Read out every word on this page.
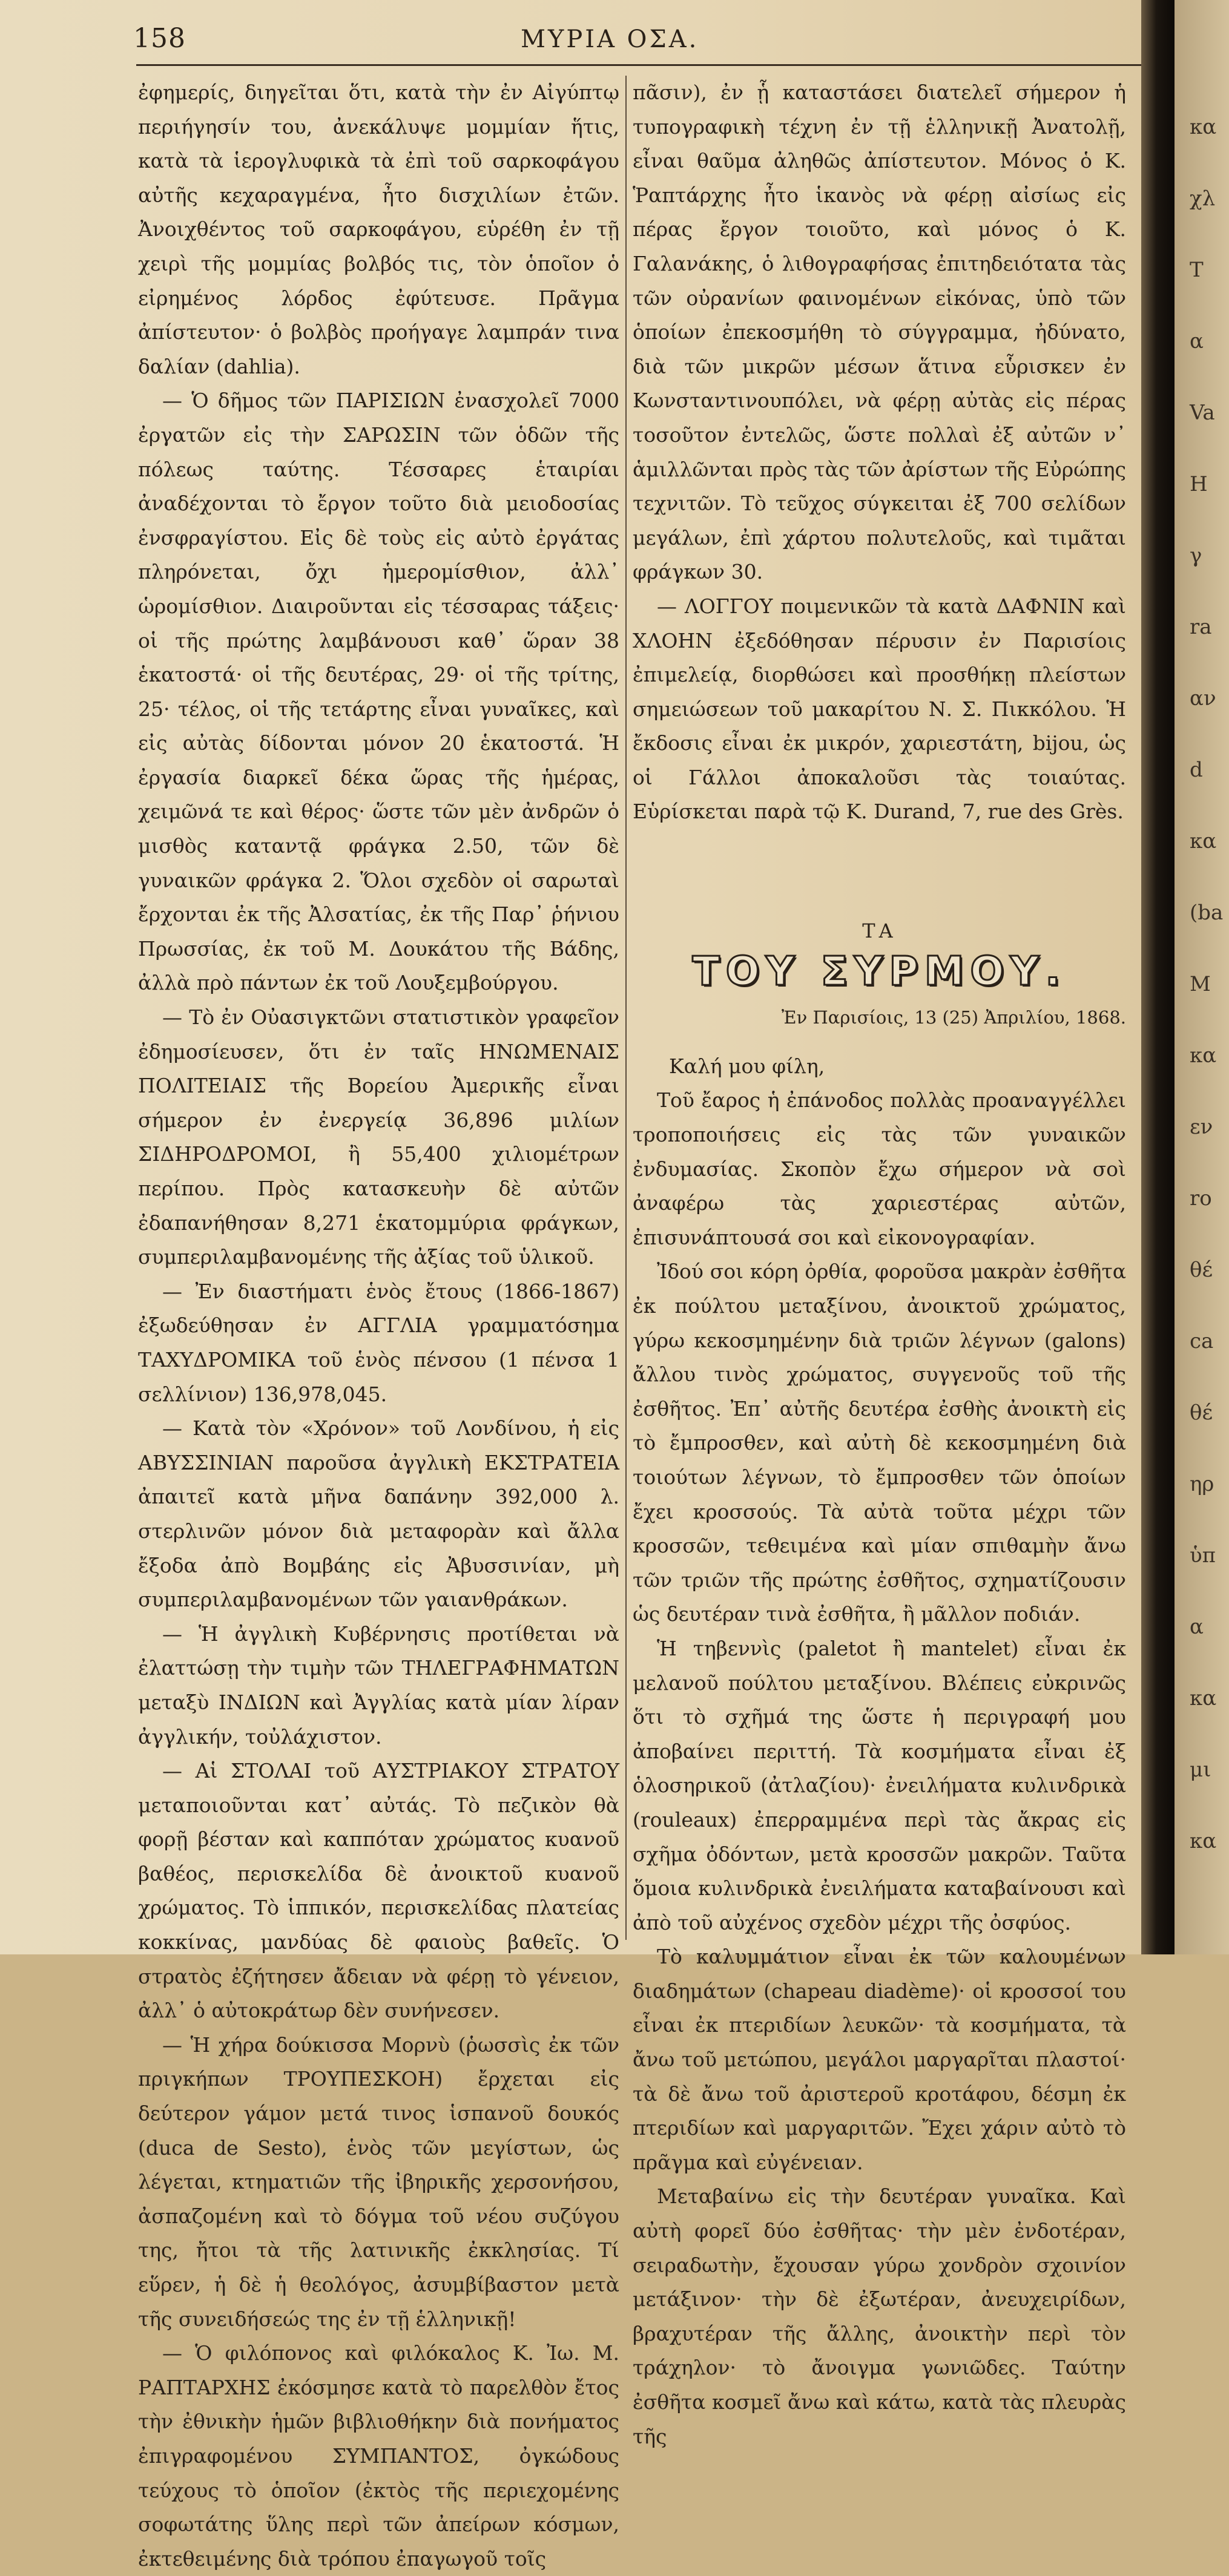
κα
χλ
Τ
α
Va
H
γ
ra
αν
d
κα
(ba
M
κα
εν
ro
θέ
ca
θέ
ηρ
ὑπ
α
κα
μι
κα
158	ΜΥΡΙΑ ΟΣΑ.

ἐφημερίς, διηγεῖται ὅτι, κατὰ τὴν ἐν Αἰγύπτῳ περιήγησίν του, ἀνεκάλυψε μομμίαν ἥτις, κατὰ τὰ ἱερογλυφικὰ τὰ ἐπὶ τοῦ σαρκοφάγου αὐτῆς κεχαραγμένα, ἦτο δισχιλίων ἐτῶν. Ἀνοιχθέντος τοῦ σαρκοφάγου, εὑρέθη ἐν τῇ χειρὶ τῆς μομμίας βολβός τις, τὸν ὁποῖον ὁ εἰρημένος λόρδος ἐφύτευσε. Πρᾶγμα ἀπίστευτον· ὁ βολβὸς προήγαγε λαμπράν τινα δαλίαν (dahlia).

— Ὁ δῆμος τῶν ΠΑΡΙΣΙΩΝ ἐνασχολεῖ 7000 ἐργατῶν εἰς τὴν ΣΑΡΩΣΙΝ τῶν ὁδῶν τῆς πόλεως ταύτης. Τέσσαρες ἑταιρίαι ἀναδέχονται τὸ ἔργον τοῦτο διὰ μειοδοσίας ἐνσφραγίστου. Εἰς δὲ τοὺς εἰς αὐτὸ ἐργάτας πληρόνεται, ὄχι ἡμερομίσθιον, ἀλλ᾽ ὡρομίσθιον. Διαιροῦνται εἰς τέσσαρας τάξεις· οἱ τῆς πρώτης λαμβάνουσι καθ᾽ ὥραν 38 ἑκατοστά· οἱ τῆς δευτέρας, 29· οἱ τῆς τρίτης, 25· τέλος, οἱ τῆς τετάρτης εἶναι γυναῖκες, καὶ εἰς αὐτὰς δίδονται μόνον 20 ἑκατοστά. Ἡ ἐργασία διαρκεῖ δέκα ὥρας τῆς ἡμέρας, χειμῶνά τε καὶ θέρος· ὥστε τῶν μὲν ἀνδρῶν ὁ μισθὸς καταντᾷ φράγκα 2.50, τῶν δὲ γυναικῶν φράγκα 2. Ὅλοι σχεδὸν οἱ σαρωταὶ ἔρχονται ἐκ τῆς Ἀλσατίας, ἐκ τῆς Παρ᾽ ῥήνιου Πρωσσίας, ἐκ τοῦ Μ. Δουκάτου τῆς Βάδης, ἀλλὰ πρὸ πάντων ἐκ τοῦ Λουξεμβούργου.

— Τὸ ἐν Οὐασιγκτῶνι στατιστικὸν γραφεῖον ἐδημοσίευσεν, ὅτι ἐν ταῖς ΗΝΩΜΕΝΑΙΣ ΠΟΛΙΤΕΙΑΙΣ τῆς Βορείου Ἀμερικῆς εἶναι σήμερον ἐν ἐνεργείᾳ 36,896 μιλίων ΣΙΔΗΡΟΔΡΟΜΟΙ, ἢ 55,400 χιλιομέτρων περίπου. Πρὸς κατασκευὴν δὲ αὐτῶν ἐδαπανήθησαν 8,271 ἑκατομμύρια φράγκων, συμπεριλαμβανομένης τῆς ἀξίας τοῦ ὑλικοῦ.

— Ἐν διαστήματι ἑνὸς ἔτους (1866-1867) ἐξωδεύθησαν ἐν ΑΓΓΛΙΑ γραμματόσημα ΤΑΧΥΔΡΟΜΙΚΑ τοῦ ἑνὸς πένσου (1 πένσα 1 σελλίνιον) 136,978,045.

— Κατὰ τὸν «Χρόνον» τοῦ Λονδίνου, ἡ εἰς ΑΒΥΣΣΙΝΙΑΝ παροῦσα ἀγγλικὴ ΕΚΣΤΡΑΤΕΙΑ ἀπαιτεῖ κατὰ μῆνα δαπάνην 392,000 λ. στερλινῶν μόνον διὰ μεταφορὰν καὶ ἄλλα ἔξοδα ἀπὸ Βομβάης εἰς Ἀβυσσινίαν, μὴ συμπεριλαμβανομένων τῶν γαιανθράκων.

— Ἡ ἀγγλικὴ Κυβέρνησις προτίθεται νὰ ἐλαττώσῃ τὴν τιμὴν τῶν ΤΗΛΕΓΡΑΦΗΜΑΤΩΝ μεταξὺ ΙΝΔΙΩΝ καὶ Ἀγγλίας κατὰ μίαν λίραν ἀγγλικήν, τοὐλάχιστον.

— Αἱ ΣΤΟΛΑΙ τοῦ ΑΥΣΤΡΙΑΚΟΥ ΣΤΡΑΤΟΥ μεταποιοῦνται κατ᾽ αὐτάς. Τὸ πεζικὸν θὰ φορῇ βέσταν καὶ καππόταν χρώματος κυανοῦ βαθέος, περισκελίδα δὲ ἀνοικτοῦ κυανοῦ χρώματος. Τὸ ἱππικόν, περισκελίδας πλατείας κοκκίνας, μανδύας δὲ φαιοὺς βαθεῖς. Ὁ στρατὸς ἐζήτησεν ἄδειαν νὰ φέρῃ τὸ γένειον, ἀλλ᾽ ὁ αὐτοκράτωρ δὲν συνήνεσεν.

— Ἡ χήρα δούκισσα Μορνὺ (ῥωσσὶς ἐκ τῶν πριγκήπων ΤΡΟΥΠΕΣΚΟΗ) ἔρχεται εἰς δεύτερον γάμον μετά τινος ἱσπανοῦ δουκός (duca de Sesto), ἑνὸς τῶν μεγίστων, ὡς λέγεται, κτηματιῶν τῆς ἰβηρικῆς χερσονήσου, ἀσπαζομένη καὶ τὸ δόγμα τοῦ νέου συζύγου της, ἤτοι τὰ τῆς λατινικῆς ἐκκλησίας. Τί εὕρεν, ἡ δὲ ἡ θεολόγος, ἀσυμβίβαστον μετὰ τῆς συνειδήσεώς της ἐν τῇ ἑλληνικῇ!

— Ὁ φιλόπονος καὶ φιλόκαλος Κ. Ἰω. Μ. ΡΑΠΤΑΡΧΗΣ ἐκόσμησε κατὰ τὸ παρελθὸν ἔτος τὴν ἐθνικὴν ἡμῶν βιβλιοθήκην διὰ πονήματος ἐπιγραφομένου ΣΥΜΠΑΝΤΟΣ, ὀγκώδους τεύχους τὸ ὁποῖον (ἐκτὸς τῆς περιεχομένης σοφωτάτης ὕλης περὶ τῶν ἀπείρων κόσμων, ἐκτεθειμένης διὰ τρόπου ἐπαγωγοῦ τοῖς

πᾶσιν), ἐν ᾗ καταστάσει διατελεῖ σήμερον ἡ τυπογραφικὴ τέχνη ἐν τῇ ἑλληνικῇ Ἀνατολῇ, εἶναι θαῦμα ἀληθῶς ἀπίστευτον. Μόνος ὁ Κ. Ῥαπτάρχης ἦτο ἱκανὸς νὰ φέρῃ αἰσίως εἰς πέρας ἔργον τοιοῦτο, καὶ μόνος ὁ Κ. Γαλανάκης, ὁ λιθογραφήσας ἐπιτηδειότατα τὰς τῶν οὐρανίων φαινομένων εἰκόνας, ὑπὸ τῶν ὁποίων ἐπεκοσμήθη τὸ σύγγραμμα, ἠδύνατο, διὰ τῶν μικρῶν μέσων ἅτινα εὗρισκεν ἐν Κωνσταντινουπόλει, νὰ φέρῃ αὐτὰς εἰς πέρας τοσοῦτον ἐντελῶς, ὥστε πολλαὶ ἐξ αὐτῶν ν᾽ ἁμιλλῶνται πρὸς τὰς τῶν ἀρίστων τῆς Εὐρώπης τεχνιτῶν. Τὸ τεῦχος σύγκειται ἐξ 700 σελίδων μεγάλων, ἐπὶ χάρτου πολυτελοῦς, καὶ τιμᾶται φράγκων 30.

— ΛΟΓΓΟΥ ποιμενικῶν τὰ κατὰ ΔΑΦΝΙΝ καὶ ΧΛΟΗΝ ἐξεδόθησαν πέρυσιν ἐν Παρισίοις ἐπιμελείᾳ, διορθώσει καὶ προσθήκῃ πλείστων σημειώσεων τοῦ μακαρίτου Ν. Σ. Πικκόλου. Ἡ ἔκδοσις εἶναι ἐκ μικρόν, χαριεστάτη, bijou, ὡς οἱ Γάλλοι ἀποκαλοῦσι τὰς τοιαύτας. Εὑρίσκεται παρὰ τῷ Κ. Durand, 7, rue des Grès.

ΤΑ
ΤΟΥ ΣΥΡΜΟΥ.
Ἐν Παρισίοις, 13 (25) Ἀπριλίου, 1868.

Καλή μου φίλη,

Τοῦ ἔαρος ἡ ἐπάνοδος πολλὰς προαναγγέλλει τροποποιήσεις εἰς τὰς τῶν γυναικῶν ἐνδυμασίας. Σκοπὸν ἔχω σήμερον νὰ σοὶ ἀναφέρω τὰς χαριεστέρας αὐτῶν, ἐπισυνάπτουσά σοι καὶ εἰκονογραφίαν.

Ἰδού σοι κόρη ὀρθία, φοροῦσα μακρὰν ἐσθῆτα ἐκ πούλτου μεταξίνου, ἀνοικτοῦ χρώματος, γύρω κεκοσμημένην διὰ τριῶν λέγνων (galons) ἄλλου τινὸς χρώματος, συγγενοῦς τοῦ τῆς ἐσθῆτος. Ἐπ᾽ αὐτῆς δευτέρα ἐσθὴς ἀνοικτὴ εἰς τὸ ἔμπροσθεν, καὶ αὐτὴ δὲ κεκοσμημένη διὰ τοιούτων λέγνων, τὸ ἔμπροσθεν τῶν ὁποίων ἔχει κροσσούς. Τὰ αὐτὰ τοῦτα μέχρι τῶν κροσσῶν, τεθειμένα καὶ μίαν σπιθαμὴν ἄνω τῶν τριῶν τῆς πρώτης ἐσθῆτος, σχηματίζουσιν ὡς δευτέραν τινὰ ἐσθῆτα, ἢ μᾶλλον ποδιάν.

Ἡ τηβεννὶς (paletot ἢ mantelet) εἶναι ἐκ μελανοῦ πούλτου μεταξίνου. Βλέπεις εὐκρινῶς ὅτι τὸ σχῆμά της ὥστε ἡ περιγραφή μου ἀποβαίνει περιττή. Τὰ κοσμήματα εἶναι ἐξ ὁλοσηρικοῦ (ἀτλαζίου)· ἐνειλήματα κυλινδρικὰ (rouleaux) ἐπερραμμένα περὶ τὰς ἄκρας εἰς σχῆμα ὀδόντων, μετὰ κροσσῶν μακρῶν. Ταῦτα ὅμοια κυλινδρικὰ ἐνειλήματα καταβαίνουσι καὶ ἀπὸ τοῦ αὐχένος σχεδὸν μέχρι τῆς ὀσφύος.

Τὸ καλυμμάτιον εἶναι ἐκ τῶν καλουμένων διαδημάτων (chapeau diadème)· οἱ κροσσοί του εἶναι ἐκ πτεριδίων λευκῶν· τὰ κοσμήματα, τὰ ἄνω τοῦ μετώπου, μεγάλοι μαργαρῖται πλαστοί· τὰ δὲ ἄνω τοῦ ἀριστεροῦ κροτάφου, δέσμη ἐκ πτεριδίων καὶ μαργαριτῶν. Ἔχει χάριν αὐτὸ τὸ πρᾶγμα καὶ εὐγένειαν.

Μεταβαίνω εἰς τὴν δευτέραν γυναῖκα. Καὶ αὐτὴ φορεῖ δύο ἐσθῆτας· τὴν μὲν ἐνδοτέραν, σειραδωτὴν, ἔχουσαν γύρω χονδρὸν σχοινίον μετάξινον· τὴν δὲ ἐξωτέραν, ἀνευχειρίδων, βραχυτέραν τῆς ἄλλης, ἀνοικτὴν περὶ τὸν τράχηλον· τὸ ἄνοιγμα γωνιῶδες. Ταύτην ἐσθῆτα κοσμεῖ ἄνω καὶ κάτω, κατὰ τὰς πλευρὰς τῆς
